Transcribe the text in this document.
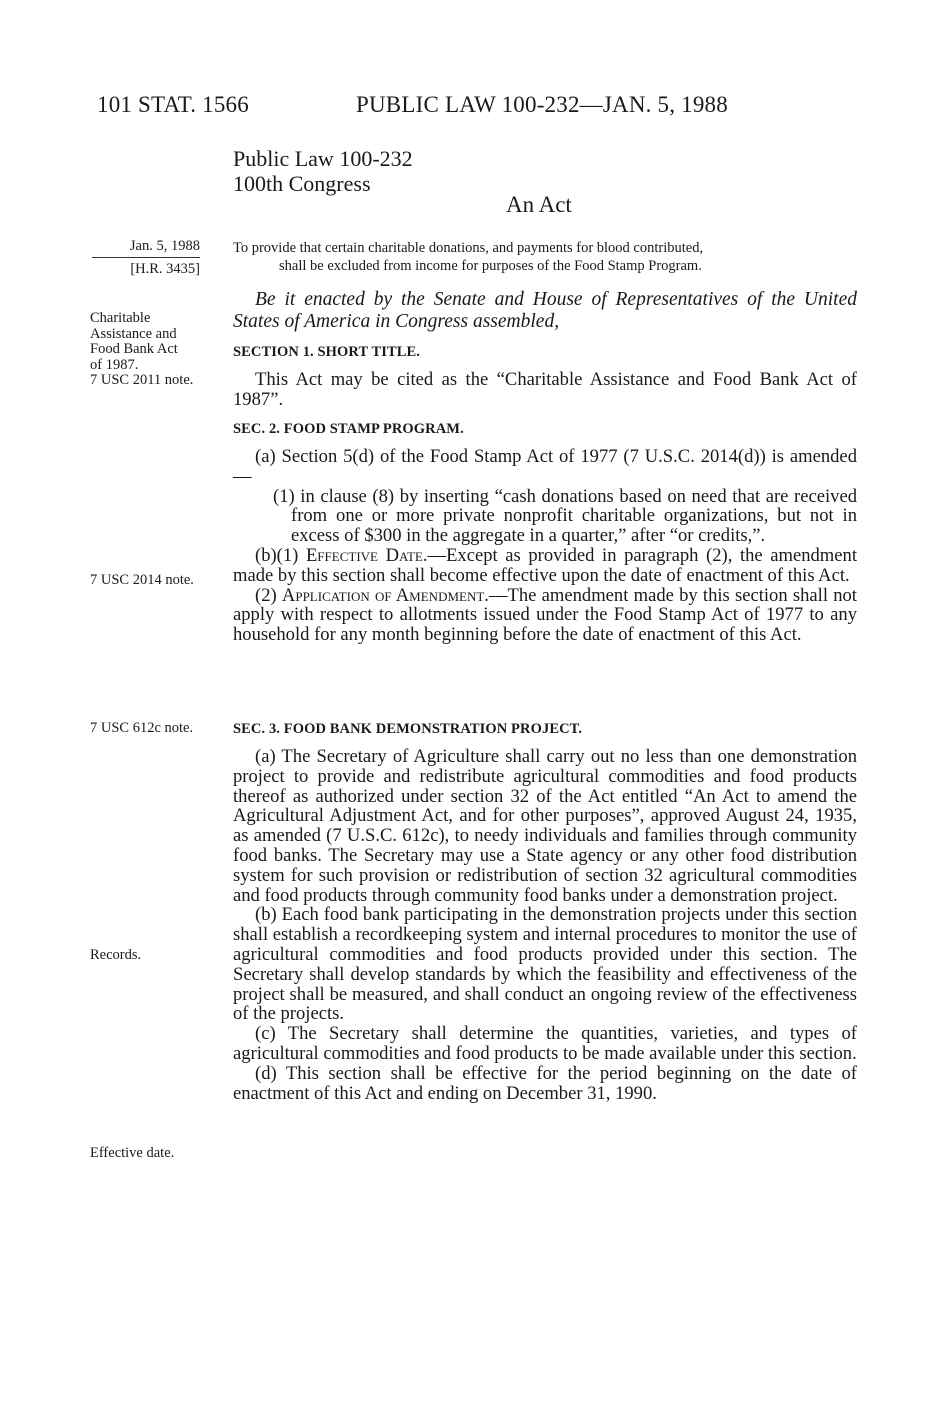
101 STAT. 1566	PUBLIC LAW 100-232—JAN. 5, 1988
Public Law 100-232
100th Congress
An Act
Jan. 5, 1988
[H.R. 3435]
To provide that certain charitable donations, and payments for blood contributed,
shall be excluded from income for purposes of the Food Stamp Program.
Charitable
Assistance and
Food Bank Act
of 1987.
7 USC 2011 note.
7 USC 2014 note.
7 USC 612c note.
Records.
Effective date.

Be it enacted by the Senate and House of Representatives of the United States of America in Congress assembled,

SECTION 1. SHORT TITLE.

This Act may be cited as the “Charitable Assistance and Food Bank Act of 1987”.

SEC. 2. FOOD STAMP PROGRAM.

(a) Section 5(d) of the Food Stamp Act of 1977 (7 U.S.C. 2014(d)) is amended—

(1) in clause (8) by inserting “cash donations based on need that are received from one or more private nonprofit charitable organizations, but not in excess of $300 in the aggregate in a quarter,” after “or credits,”.

(b)(1) Effective Date.—Except as provided in paragraph (2), the amendment made by this section shall become effective upon the date of enactment of this Act.

(2) Application of Amendment.—The amendment made by this section shall not apply with respect to allotments issued under the Food Stamp Act of 1977 to any household for any month beginning before the date of enactment of this Act.

SEC. 3. FOOD BANK DEMONSTRATION PROJECT.

(a) The Secretary of Agriculture shall carry out no less than one demonstration project to provide and redistribute agricultural commodities and food products thereof as authorized under section 32 of the Act entitled “An Act to amend the Agricultural Adjustment Act, and for other purposes”, approved August 24, 1935, as amended (7 U.S.C. 612c), to needy individuals and families through community food banks. The Secretary may use a State agency or any other food distribution system for such provision or redistribution of section 32 agricultural commodities and food products through community food banks under a demonstration project.

(b) Each food bank participating in the demonstration projects under this section shall establish a recordkeeping system and internal procedures to monitor the use of agricultural commodities and food products provided under this section. The Secretary shall develop standards by which the feasibility and effectiveness of the project shall be measured, and shall conduct an ongoing review of the effectiveness of the projects.

(c) The Secretary shall determine the quantities, varieties, and types of agricultural commodities and food products to be made available under this section.

(d) This section shall be effective for the period beginning on the date of enactment of this Act and ending on December 31, 1990.
